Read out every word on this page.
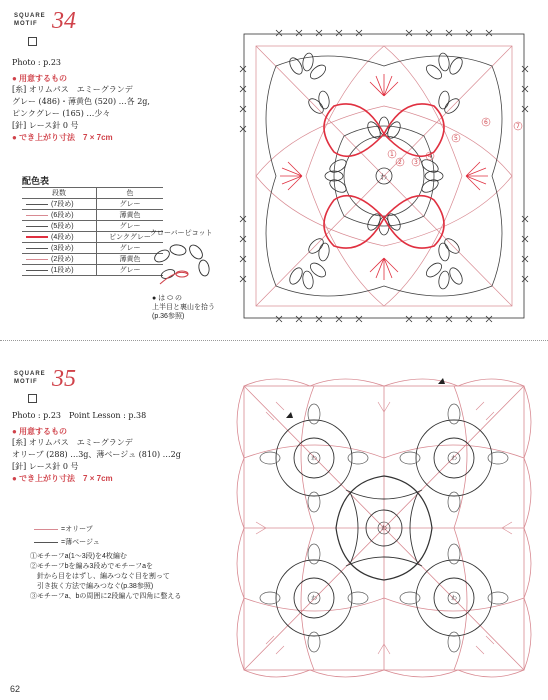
SQUARE
MOTIF 34
Photo : p.23
● 用意するもの
[糸] オリムパス　エミーグランデ
グレー (486)・薄黄色 (520) …各 2g,
ピンクグレー (165) …少々
[針] レース針 0 号
● でき上がり寸法　7 × 7cm
配色表
段数	色
(7段め)	グレー
(6段め)	薄黄色
(5段め)	グレー
(4段め)	ピンクグレー
(3段め)	グレー
(2段め)	薄黄色
(1段め)	グレー
クローバーピコット
● は ⬭ の
上半目と裏山を拾う
(p.36参照)
わ
1
2 3
4
5
6
7
SQUARE
MOTIF 35
Photo : p.23　Point Lesson : p.38
● 用意するもの
[糸] オリムパス　エミーグランデ
オリーブ (288) …3g、薄ベージュ (810) …2g
[針] レース針 0 号
● でき上がり寸法　7 × 7cm
=オリーブ
=薄ベージュ
①モチーフa(1〜3段)を4枚編む
②モチーフbを編み3段めでモチーフaを
　針から目をはずし、編みつなぐ目を割って
　引き抜く方法で編みつなぐ(p.38参照)
③モチーフa、bの周囲に2段編んで四角に整える
わ	わ
わ	わ
わ
62
